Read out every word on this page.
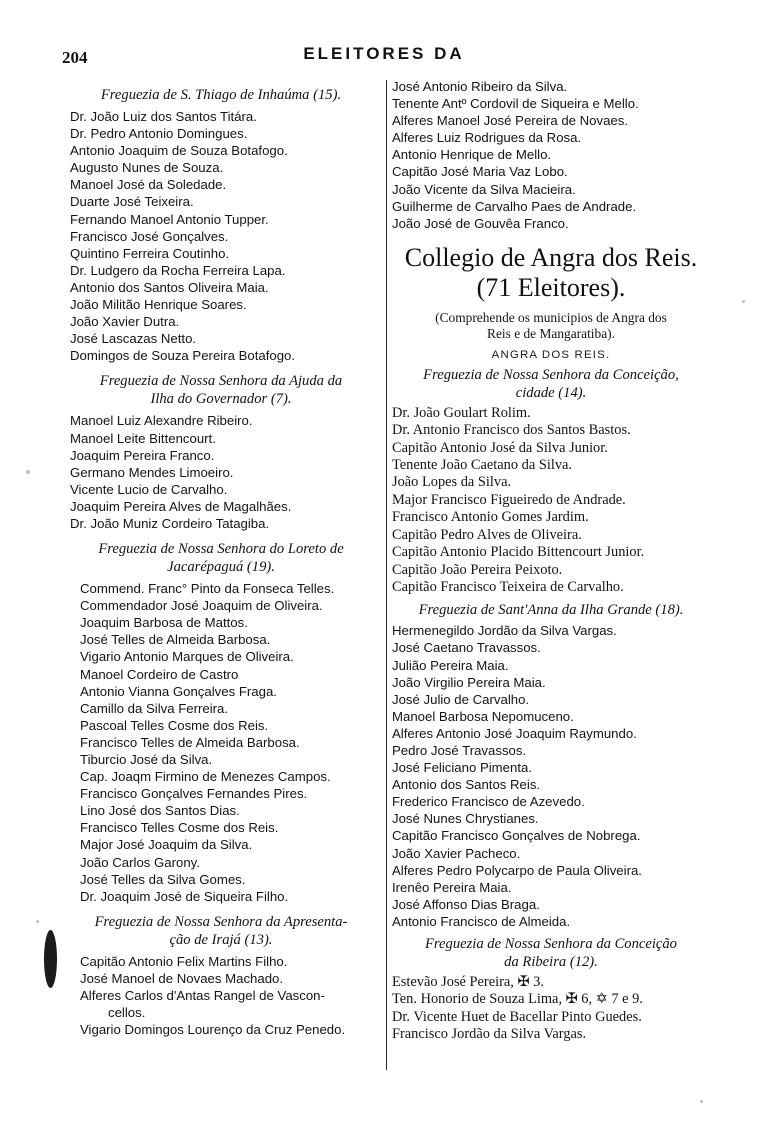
204	ELEITORES DA
Freguezia de S. Thiago de Inhaúma (15).
Dr. João Luiz dos Santos Titára.
Dr. Pedro Antonio Domingues.
Antonio Joaquim de Souza Botafogo.
Augusto Nunes de Souza.
Manoel José da Soledade.
Duarte José Teixeira.
Fernando Manoel Antonio Tupper.
Francisco José Gonçalves.
Quintino Ferreira Coutinho.
Dr. Ludgero da Rocha Ferreira Lapa.
Antonio dos Santos Oliveira Maia.
João Militão Henrique Soares.
João Xavier Dutra.
José Lascazas Netto.
Domingos de Souza Pereira Botafogo.
Freguezia de Nossa Senhora da Ajuda da
Ilha do Governador (7).
Manoel Luiz Alexandre Ribeiro.
Manoel Leite Bittencourt.
Joaquim Pereira Franco.
Germano Mendes Limoeiro.
Vicente Lucio de Carvalho.
Joaquim Pereira Alves de Magalhães.
Dr. João Muniz Cordeiro Tatagiba.
Freguezia de Nossa Senhora do Loreto de
Jacarépaguá (19).
Commend. Franc° Pinto da Fonseca Telles.
Commendador José Joaquim de Oliveira.
Joaquim Barbosa de Mattos.
José Telles de Almeida Barbosa.
Vigario Antonio Marques de Oliveira.
Manoel Cordeiro de Castro
Antonio Vianna Gonçalves Fraga.
Camillo da Silva Ferreira.
Pascoal Telles Cosme dos Reis.
Francisco Telles de Almeida Barbosa.
Tiburcio José da Silva.
Cap. Joaqm Firmino de Menezes Campos.
Francisco Gonçalves Fernandes Pires.
Lino José dos Santos Dias.
Francisco Telles Cosme dos Reis.
Major José Joaquim da Silva.
João Carlos Garony.
José Telles da Silva Gomes.
Dr. Joaquim José de Siqueira Filho.
Freguezia de Nossa Senhora da Apresenta-
ção de Irajá (13).
Capitão Antonio Felix Martins Filho.
José Manoel de Novaes Machado.
Alferes Carlos d'Antas Rangel de Vascon-
cellos.
Vigario Domingos Lourenço da Cruz Penedo.
José Antonio Ribeiro da Silva.
Tenente Antº Cordovil de Siqueira e Mello.
Alferes Manoel José Pereira de Novaes.
Alferes Luiz Rodrigues da Rosa.
Antonio Henrique de Mello.
Capitão José Maria Vaz Lobo.
João Vicente da Silva Macieira.
Guilherme de Carvalho Paes de Andrade.
João José de Gouvêa Franco.
Collegio de Angra dos Reis.
(71 Eleitores).
(Comprehende os municipios de Angra dos
Reis e de Mangaratiba).
ANGRA DOS REIS.
Freguezia de Nossa Senhora da Conceição,
cidade (14).
Dr. João Goulart Rolim.
Dr. Antonio Francisco dos Santos Bastos.
Capitão Antonio José da Silva Junior.
Tenente João Caetano da Silva.
João Lopes da Silva.
Major Francisco Figueiredo de Andrade.
Francisco Antonio Gomes Jardim.
Capitão Pedro Alves de Oliveira.
Capitão Antonio Placido Bittencourt Junior.
Capitão João Pereira Peixoto.
Capitão Francisco Teixeira de Carvalho.
Freguezia de Sant'Anna da Ilha Grande (18).
Hermenegildo Jordão da Silva Vargas.
José Caetano Travassos.
Julião Pereira Maia.
João Virgilio Pereira Maia.
José Julio de Carvalho.
Manoel Barbosa Nepomuceno.
Alferes Antonio José Joaquim Raymundo.
Pedro José Travassos.
José Feliciano Pimenta.
Antonio dos Santos Reis.
Frederico Francisco de Azevedo.
José Nunes Chrystianes.
Capitão Francisco Gonçalves de Nobrega.
João Xavier Pacheco.
Alferes Pedro Polycarpo de Paula Oliveira.
Irenêo Pereira Maia.
José Affonso Dias Braga.
Antonio Francisco de Almeida.
Freguezia de Nossa Senhora da Conceição
da Ribeira (12).
Estevão José Pereira, ✠ 3.
Ten. Honorio de Souza Lima, ✠ 6, ✡ 7 e 9.
Dr. Vicente Huet de Bacellar Pinto Guedes.
Francisco Jordão da Silva Vargas.
